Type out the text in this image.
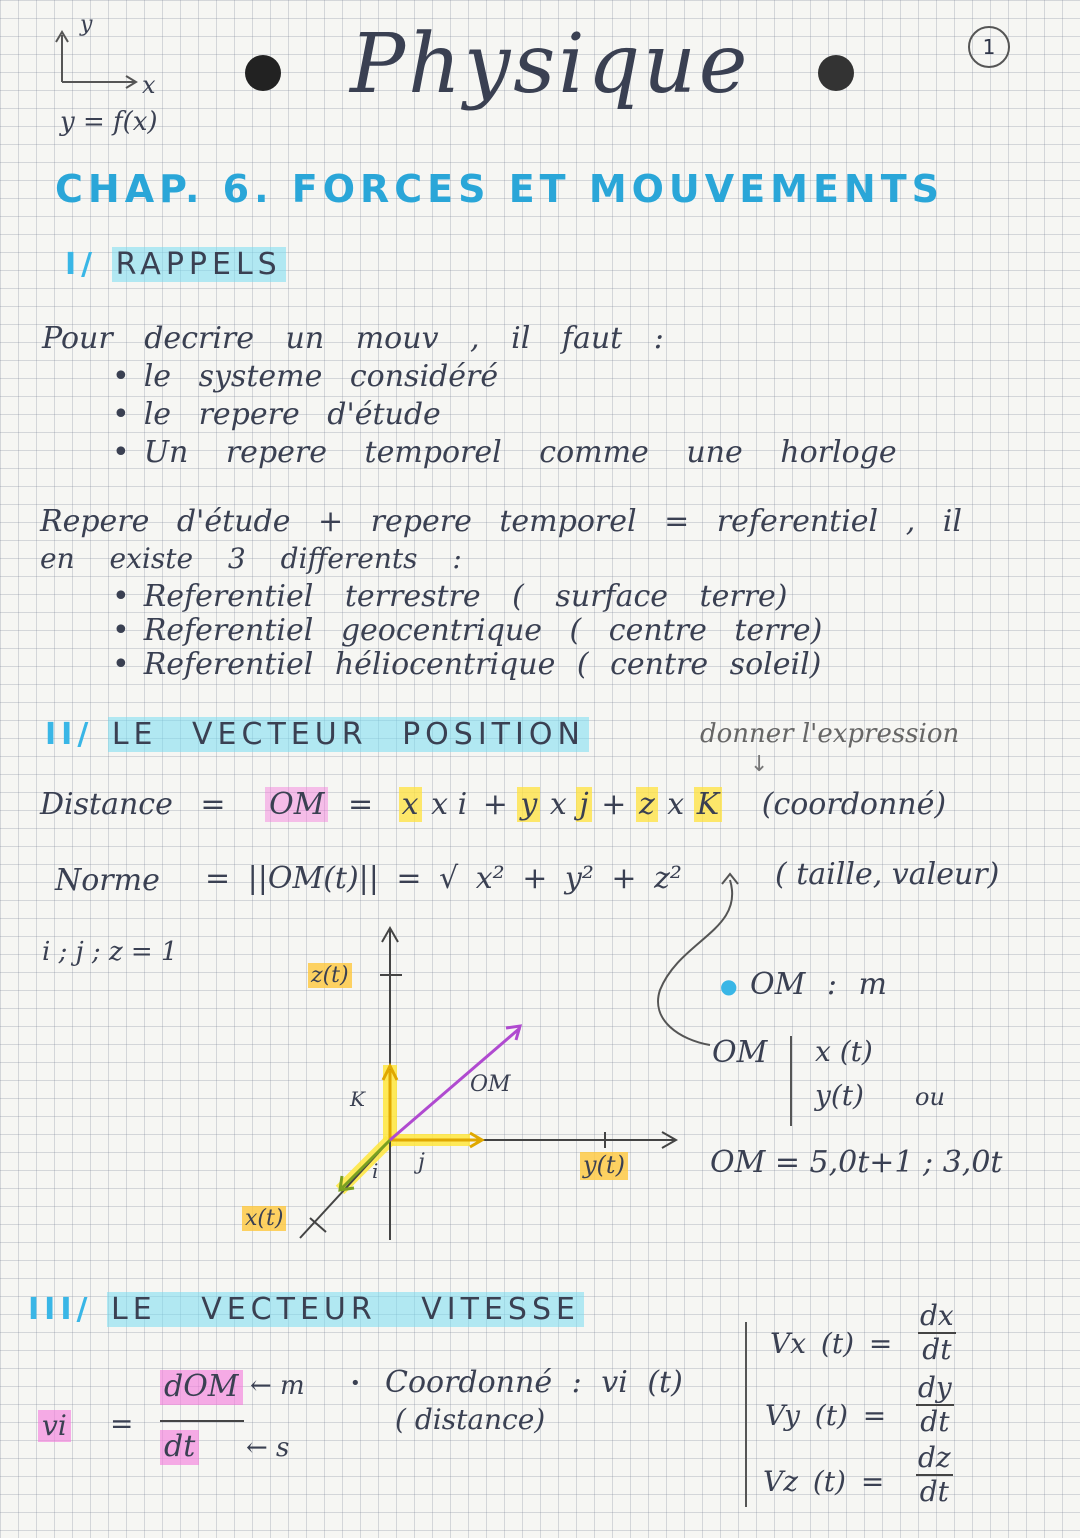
y
x
y = f(x)
Physique	1
CHAP. 6. FORCES ET MOUVEMENTS
I/ RAPPELS
Pour decrire un mouv , il faut :
• le systeme considéré
• le repere d'étude
• Un repere temporel comme une horloge
Repere d'étude + repere temporel = referentiel , il
en existe 3 differents :
• Referentiel terrestre ( surface terre)
• Referentiel geocentrique ( centre terre)
• Referentiel héliocentrique ( centre soleil)
II/ LE VECTEUR POSITION	donner l'expression
↓
Distance = OM = x x i + y x j + z x K (coordonné)
Norme = ||OM(t)|| = √ x² + y² + z²	( taille, valeur)
i ; j ; z = 1
z(t)
y(t)
x(t)
K
j
i
OM
● OM : m
OM x (t)
y(t) ou
OM = 5,0t+1 ; 3,0t
III/ LE VECTEUR VITESSE
vi =
dOM
dt
← m
← s
• Coordonné : vi (t)
( distance)
Vx $(t) = \frac{dx}{dt}$
Vy $(t) = \frac{dy}{dt}$
Vz $(t) = \frac{dz}{dt}$
